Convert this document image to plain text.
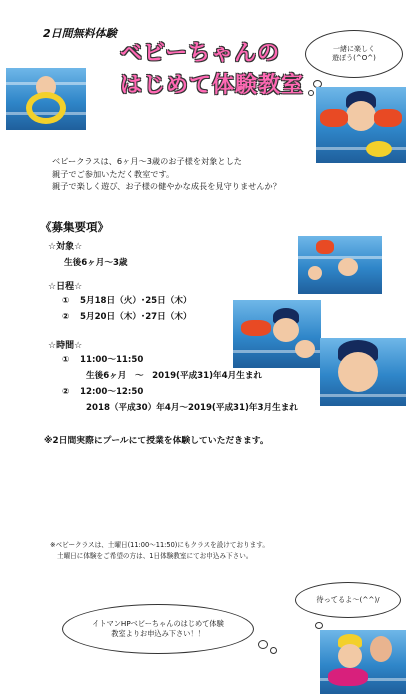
2日間無料体験
ベビーちゃんの
はじめて体験教室
一緒に楽しく
遊ぼう(^O^)
ベビークラスは、6ヶ月～3歳のお子様を対象とした
親子でご参加いただく教室です。
親子で楽しく遊び、お子様の健やかな成長を見守りませんか？
《募集要項》
☆対象☆
生後6ヶ月～3歳
☆日程☆
① 5月18日（火）･25日（木）
② 5月20日（木）･27日（木）
☆時間☆
① 11:00～11:50
生後6ヶ月　～　2019(平成31)年4月生まれ
② 12:00～12:50
2018（平成30）年4月～2019(平成31)年3月生まれ
※2日間実際にプールにて授業を体験していただきます。
※ベビークラスは、土曜日(11:00～11:50)にもクラスを設けております。
土曜日に体験をご希望の方は、1日体験教室にてお申込み下さい。
待ってるよ～(^^)/
イトマンHPベビーちゃんのはじめて体験
教室よりお申込み下さい！！
